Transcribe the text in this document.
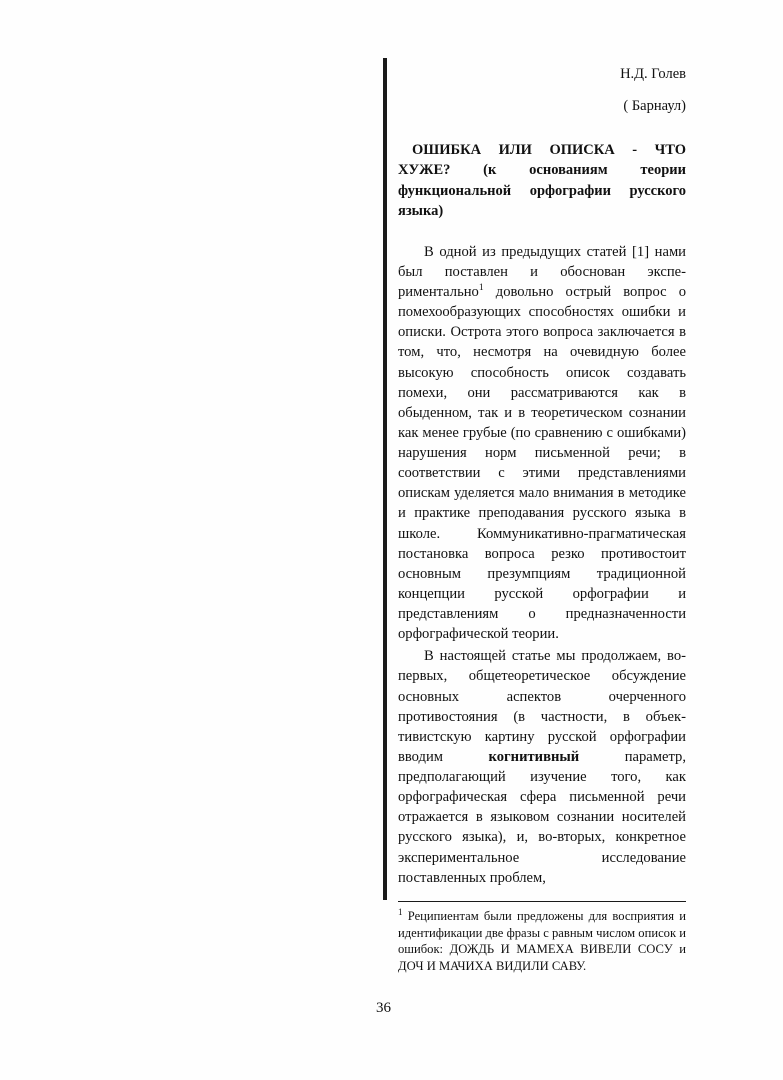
Н.Д. Голев

( Барнаул)

ОШИБКА ИЛИ ОПИСКА - ЧТО ХУЖЕ? (к основаниям теории функциональной орфографии русского языка)

В одной из предыдущих статей [1] нами был поставлен и обоснован экспериментально$^1$ довольно острый вопрос о помехообразующих способностях ошибки и описки. Острота этого вопроса заключается в том, что, несмотря на очевидную более высокую способность описок создавать помехи, они рассматриваются как в обыденном, так и в теоретическом сознании как менее грубые (по сравнению с ошибками) нарушения норм письменной речи; в соответствии с этими представлениями опискам уделяется мало внимания в методике и практике преподавания русского языка в школе. Коммуникативно-прагматическая постановка вопроса резко противостоит основным презумпциям традиционной концепции русской орфографии и представлениям о предназначенности орфографической теории.

В настоящей статье мы продолжаем, во-первых, общетеоретическое обсуждение основных аспектов очерченного противостояния (в частности, в объективистскую картину русской орфографии вводим	когнитивный	параметр, предполагающий изучение того, как орфографическая сфера письменной речи отражается в языковом сознании носителей русского языка), и, во-вторых, конкретное экспериментальное исследование поставленных проблем,

$^1$ Реципиентам были предложены для восприятия и идентификации две фразы с равным числом описок и ошибок: ДОЖДЬ И МАМЕХА ВИВЕЛИ СОСУ и ДОЧ И МАЧИХА ВИДИЛИ САВУ.

36
